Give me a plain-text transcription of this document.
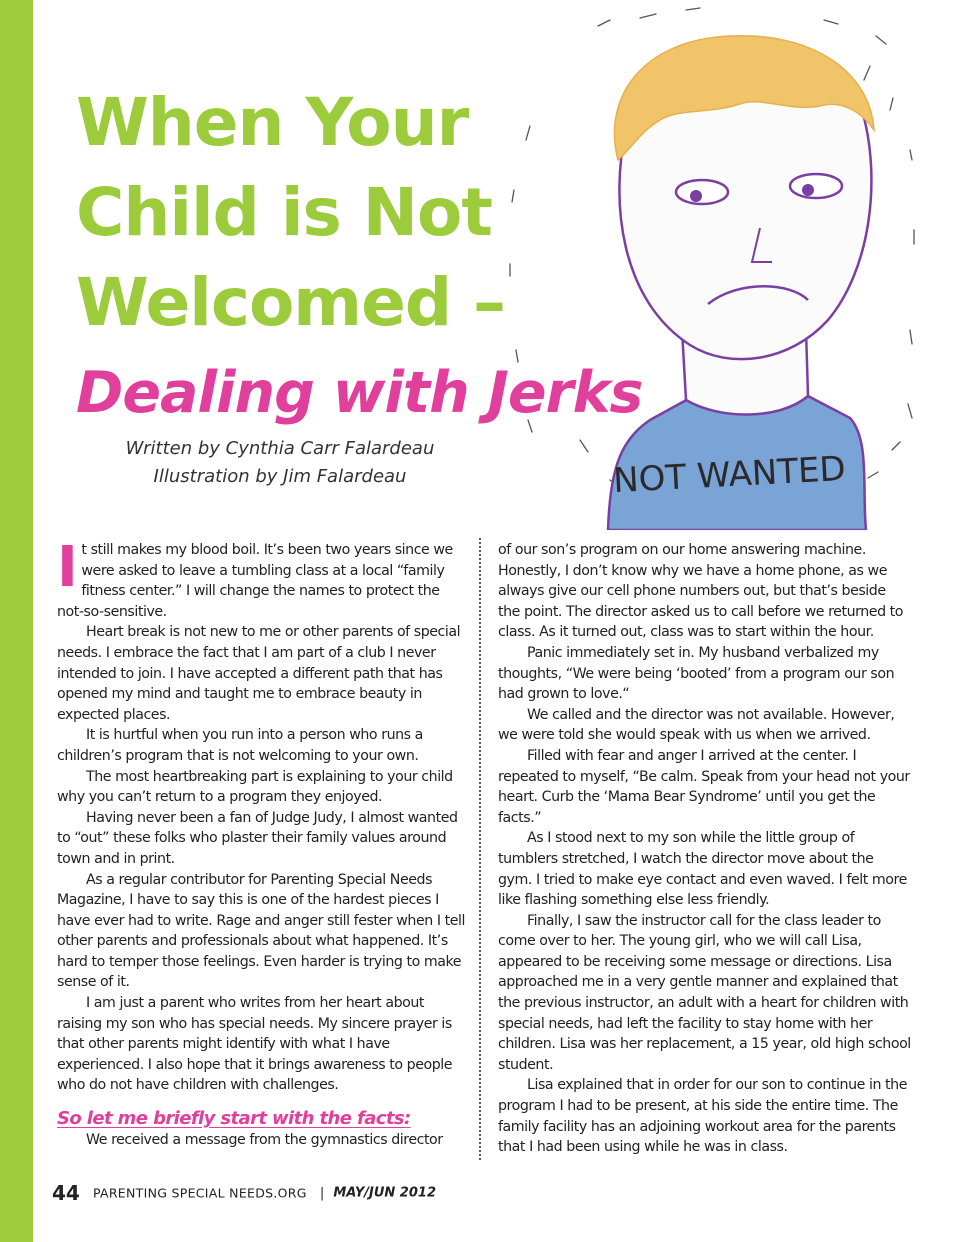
When Your
Child is Not
Welcomed –
Dealing with Jerks
Written by Cynthia Carr Falardeau
Illustration by Jim Falardeau	NOT WANTED

It still makes my blood boil. It’s been two years since we were asked to leave a tumbling class at a local “family fitness center.” I will change the names to protect the not-so-sensitive.

Heart break is not new to me or other parents of special needs. I embrace the fact that I am part of a club I never intended to join. I have accepted a different path that has opened my mind and taught me to embrace beauty in expected places.

It is hurtful when you run into a person who runs a children’s program that is not welcoming to your own.

The most heartbreaking part is explaining to your child why you can’t return to a program they enjoyed.

Having never been a fan of Judge Judy, I almost wanted to “out” these folks who plaster their family values around town and in print.

As a regular contributor for Parenting Special Needs Magazine, I have to say this is one of the hardest pieces I have ever had to write. Rage and anger still fester when I tell other parents and professionals about what happened. It’s hard to temper those feelings. Even harder is trying to make sense of it.

I am just a parent who writes from her heart about raising my son who has special needs. My sincere prayer is that other parents might identify with what I have experienced. I also hope that it brings awareness to people who do not have children with challenges.

So let me briefly start with the facts:

We received a message from the gymnastics director

of our son’s program on our home answering machine. Honestly, I don’t know why we have a home phone, as we always give our cell phone numbers out, but that’s beside the point. The director asked us to call before we returned to class. As it turned out, class was to start within the hour.

Panic immediately set in. My husband verbalized my thoughts, “We were being ‘booted’ from a program our son had grown to love.“

We called and the director was not available. However, we were told she would speak with us when we arrived.

Filled with fear and anger I arrived at the center. I repeated to myself, “Be calm. Speak from your head not your heart. Curb the ‘Mama Bear Syndrome’ until you get the facts.”

As I stood next to my son while the little group of tumblers stretched, I watch the director move about the gym. I tried to make eye contact and even waved. I felt more like flashing something else less friendly.

Finally, I saw the instructor call for the class leader to come over to her. The young girl, who we will call Lisa, appeared to be receiving some message or directions. Lisa approached me in a very gentle manner and explained that the previous instructor, an adult with a heart for children with special needs, had left the facility to stay home with her children. Lisa was her replacement, a 15 year, old high school student.

Lisa explained that in order for our son to continue in the program I had to be present, at his side the entire time. The family facility has an adjoining workout area for the parents that I had been using while he was in class.

44 PARENTING SPECIAL NEEDS.ORG | MAY/JUN 2012
